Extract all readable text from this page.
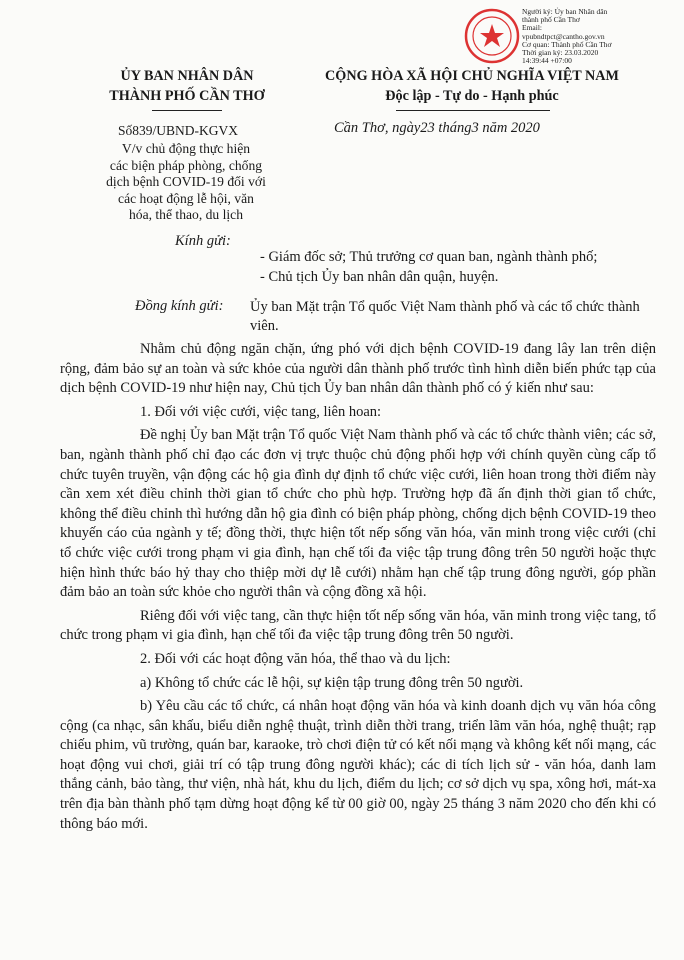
Người ký: Ủy ban Nhân dân
thành phố Cần Thơ
Email:
vpubndtpct@cantho.gov.vn
Cơ quan: Thành phố Cần Thơ
Thời gian ký: 23.03.2020
14:39:44 +07:00
ỦY BAN NHÂN DÂN
THÀNH PHỐ CẦN THƠ
CỘNG HÒA XÃ HỘI CHỦ NGHĨA VIỆT NAM
Độc lập - Tự do - Hạnh phúc
Số839/UBND-KGVX	Cần Thơ, ngày23 tháng3 năm 2020
V/v chủ động thực hiện
các biện pháp phòng, chống
dịch bệnh COVID-19 đối với
các hoạt động lễ hội, văn
hóa, thể thao, du lịch
Kính gửi:
- Giám đốc sở; Thủ trưởng cơ quan ban, ngành thành phố;
- Chủ tịch Ủy ban nhân dân quận, huyện.
Đồng kính gửi: Ủy ban Mặt trận Tổ quốc Việt Nam thành phố và các tổ chức thành viên.

Nhằm chủ động ngăn chặn, ứng phó với dịch bệnh COVID-19 đang lây lan trên diện rộng, đảm bảo sự an toàn và sức khỏe của người dân thành phố trước tình hình diễn biến phức tạp của dịch bệnh COVID-19 như hiện nay, Chủ tịch Ủy ban nhân dân thành phố có ý kiến như sau:

1. Đối với việc cưới, việc tang, liên hoan:

Đề nghị Ủy ban Mặt trận Tổ quốc Việt Nam thành phố và các tổ chức thành viên; các sở, ban, ngành thành phố chỉ đạo các đơn vị trực thuộc chủ động phối hợp với chính quyền cùng cấp tổ chức tuyên truyền, vận động các hộ gia đình dự định tổ chức việc cưới, liên hoan trong thời điểm này cần xem xét điều chỉnh thời gian tổ chức cho phù hợp. Trường hợp đã ấn định thời gian tổ chức, không thể điều chỉnh thì hướng dẫn hộ gia đình có biện pháp phòng, chống dịch bệnh COVID-19 theo khuyến cáo của ngành y tế; đồng thời, thực hiện tốt nếp sống văn hóa, văn minh trong việc cưới (chỉ tổ chức việc cưới trong phạm vi gia đình, hạn chế tối đa việc tập trung đông trên 50 người hoặc thực hiện hình thức báo hỷ thay cho thiệp mời dự lễ cưới) nhằm hạn chế tập trung đông người, góp phần đảm bảo an toàn sức khỏe cho người thân và cộng đồng xã hội.

Riêng đối với việc tang, cần thực hiện tốt nếp sống văn hóa, văn minh trong việc tang, tổ chức trong phạm vi gia đình, hạn chế tối đa việc tập trung đông trên 50 người.

2. Đối với các hoạt động văn hóa, thể thao và du lịch:

a) Không tổ chức các lễ hội, sự kiện tập trung đông trên 50 người.

b) Yêu cầu các tổ chức, cá nhân hoạt động văn hóa và kinh doanh dịch vụ văn hóa công cộng (ca nhạc, sân khấu, biểu diễn nghệ thuật, trình diễn thời trang, triển lãm văn hóa, nghệ thuật; rạp chiếu phim, vũ trường, quán bar, karaoke, trò chơi điện tử có kết nối mạng và không kết nối mạng, các hoạt động vui chơi, giải trí có tập trung đông người khác); các di tích lịch sử - văn hóa, danh lam thắng cảnh, bảo tàng, thư viện, nhà hát, khu du lịch, điểm du lịch; cơ sở dịch vụ spa, xông hơi, mát-xa trên địa bàn thành phố tạm dừng hoạt động kể từ 00 giờ 00, ngày 25 tháng 3 năm 2020 cho đến khi có thông báo mới.
